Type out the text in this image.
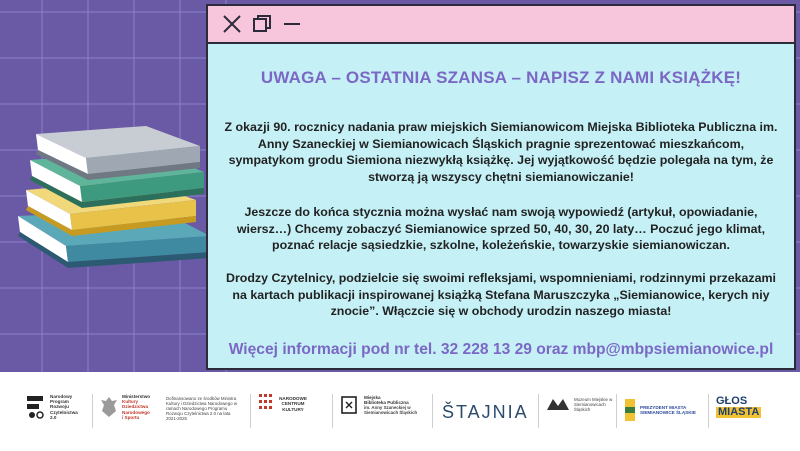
UWAGA – OSTATNIA SZANSA – NAPISZ Z NAMI KSIĄŻKĘ!
Z okazji 90. rocznicy nadania praw miejskich Siemianowicom Miejska Biblioteka Publiczna im. Anny Szaneckiej w Siemianowicach Śląskich pragnie sprezentować mieszkańcom, sympatykom grodu Siemiona niezwykłą książkę. Jej wyjątkowość będzie polegała na tym, że stworzą ją wszyscy chętni siemianowiczanie!
Jeszcze do końca stycznia można wysłać nam swoją wypowiedź (artykuł, opowiadanie, wiersz…) Chcemy zobaczyć Siemianowice sprzed 50, 40, 30, 20 laty… Poczuć jego klimat, poznać relacje sąsiedzkie, szkolne, koleżeńskie, towarzyskie siemianowiczan.
Drodzy Czytelnicy, podzielcie się swoimi refleksjami, wspomnieniami, rodzinnymi przekazami na kartach publikacji inspirowanej książką Stefana Maruszczyka „Siemianowice, kerych niy znocie”. Włączcie się w obchody urodzin naszego miasta!
Więcej informacji pod nr tel. 32 228 13 29 oraz mbp@mbpsiemianowice.pl
Narodowy Program Rozwoju Czytelnictwa 2.0
Ministerstwo
Kultury
Dziedzictwa Narodowego
i Sportu
Dofinansowano ze środków Ministra Kultury i Dziedzictwa Narodowego w ramach Narodowego Programu Rozwoju Czytelnictwa 2.0 na lata 2021-2025
NARODOWE CENTRUM KULTURY
Miejska
Biblioteka Publiczna
im. Anny Szaneckiej w Siemianowicach Śląskich	ŠTAJNIA
Muzeum Miejskie w Siemianowicach Śląskich	PREZYDENT MIASTA
SIEMIANOWICE ŚLĄSKIE
GŁOS
MIASTA
